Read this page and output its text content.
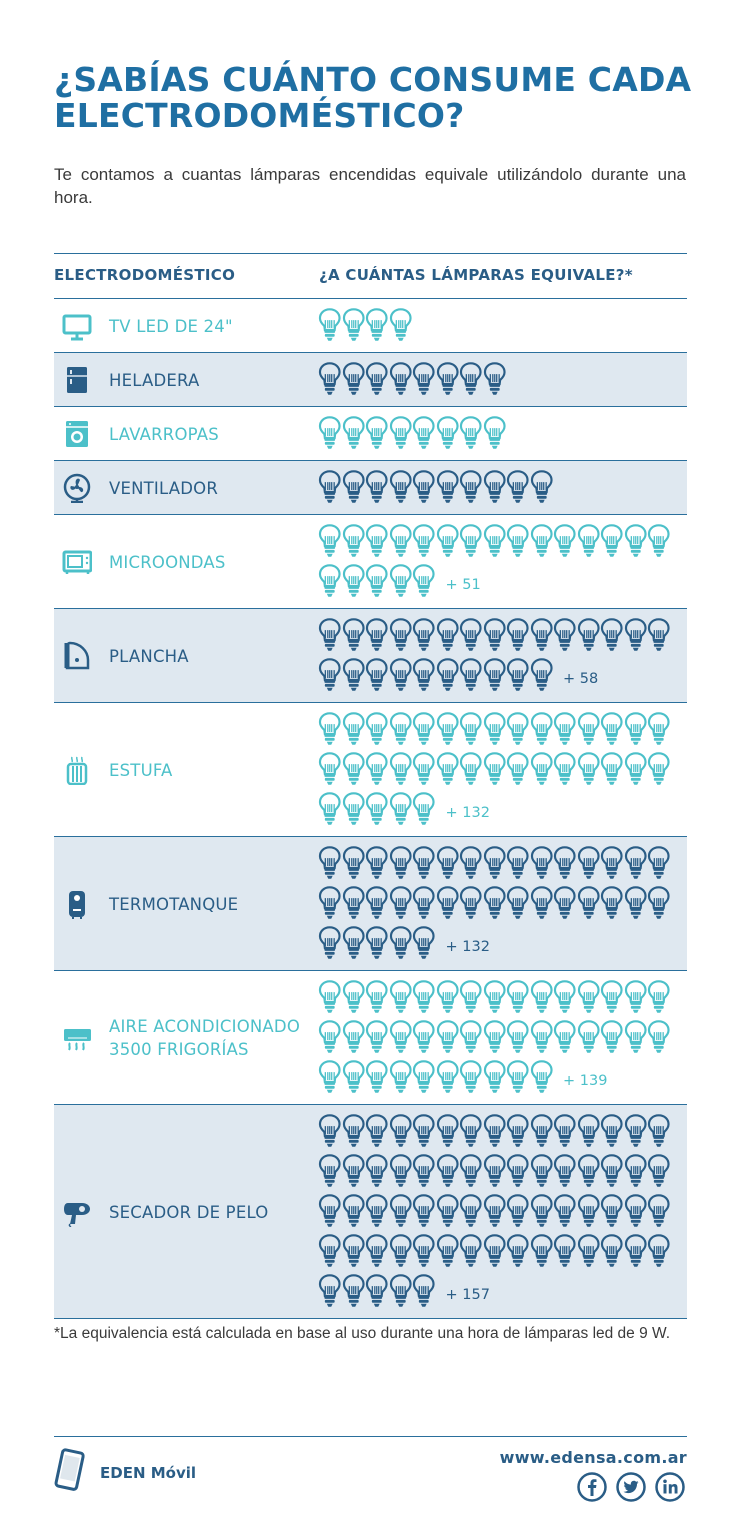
¿SABÍAS CUÁNTO CONSUME CADA ELECTRODOMÉSTICO?

Te contamos a cuantas lámparas encendidas equivale utilizándolo durante una hora.

ELECTRODOMÉSTICO	¿A CUÁNTAS LÁMPARAS EQUIVALE?*
TV LED DE 24"
HELADERA
LAVARROPAS
VENTILADOR
MICROONDAS
+ 51
PLANCHA
+ 58
ESTUFA
+ 132
TERMOTANQUE
+ 132
AIRE ACONDICIONADO
3500 FRIGORÍAS
+ 139
SECADOR DE PELO
+ 157

*La equivalencia está calculada en base al uso durante una hora de lámparas led de 9 W.

EDEN Móvil
www.edensa.com.ar
